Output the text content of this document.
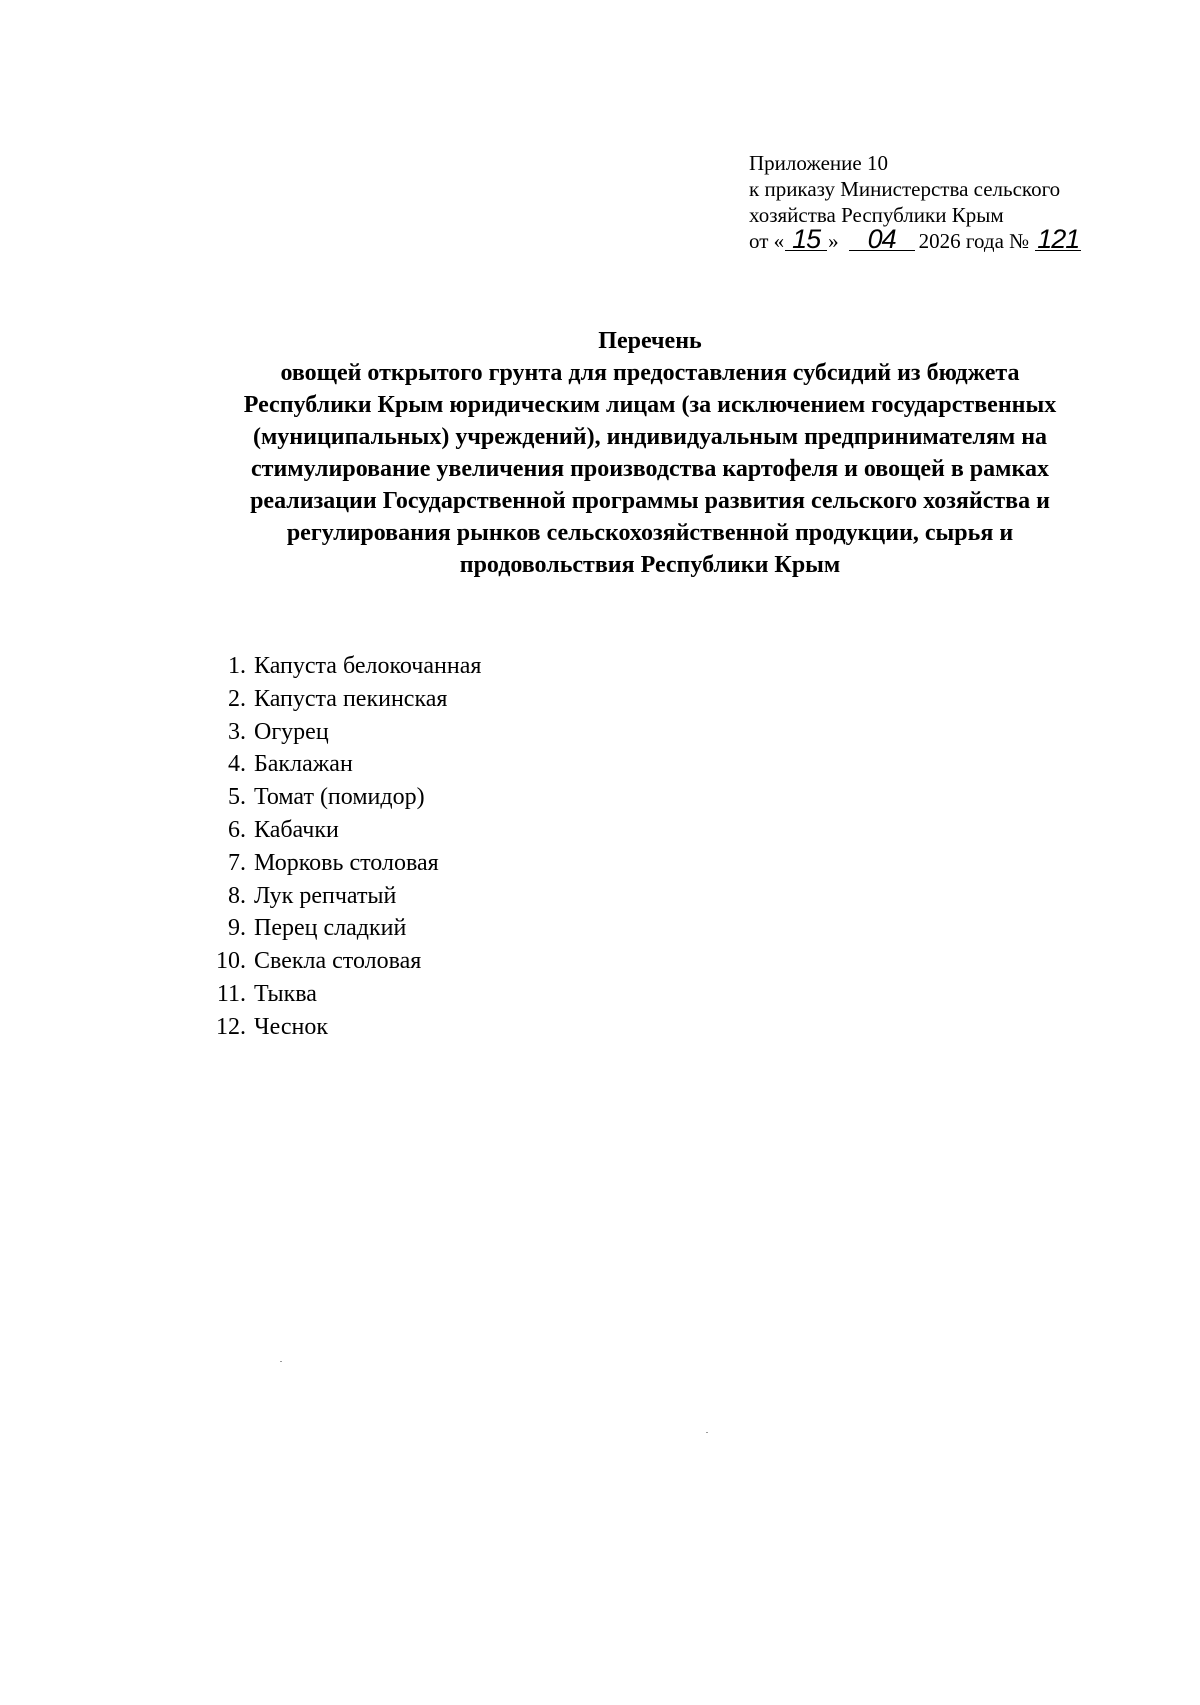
Приложение 10
к приказу Министерства сельского
хозяйства Республики Крым
от « 15 »	04	2026 года № 121
Перечень
овощей открытого грунта для предоставления субсидий из бюджета
Республики Крым юридическим лицам (за исключением государственных
(муниципальных) учреждений), индивидуальным предпринимателям на
стимулирование увеличения производства картофеля и овощей в рамках
реализации Государственной программы развития сельского хозяйства и
регулирования рынков сельскохозяйственной продукции, сырья и
продовольствия Республики Крым
1. Капуста белокочанная
2. Капуста пекинская
3. Огурец
4. Баклажан
5. Томат (помидор)
6. Кабачки
7. Морковь столовая
8. Лук репчатый
9. Перец сладкий
10. Свекла столовая
11. Тыква
12. Чеснок
